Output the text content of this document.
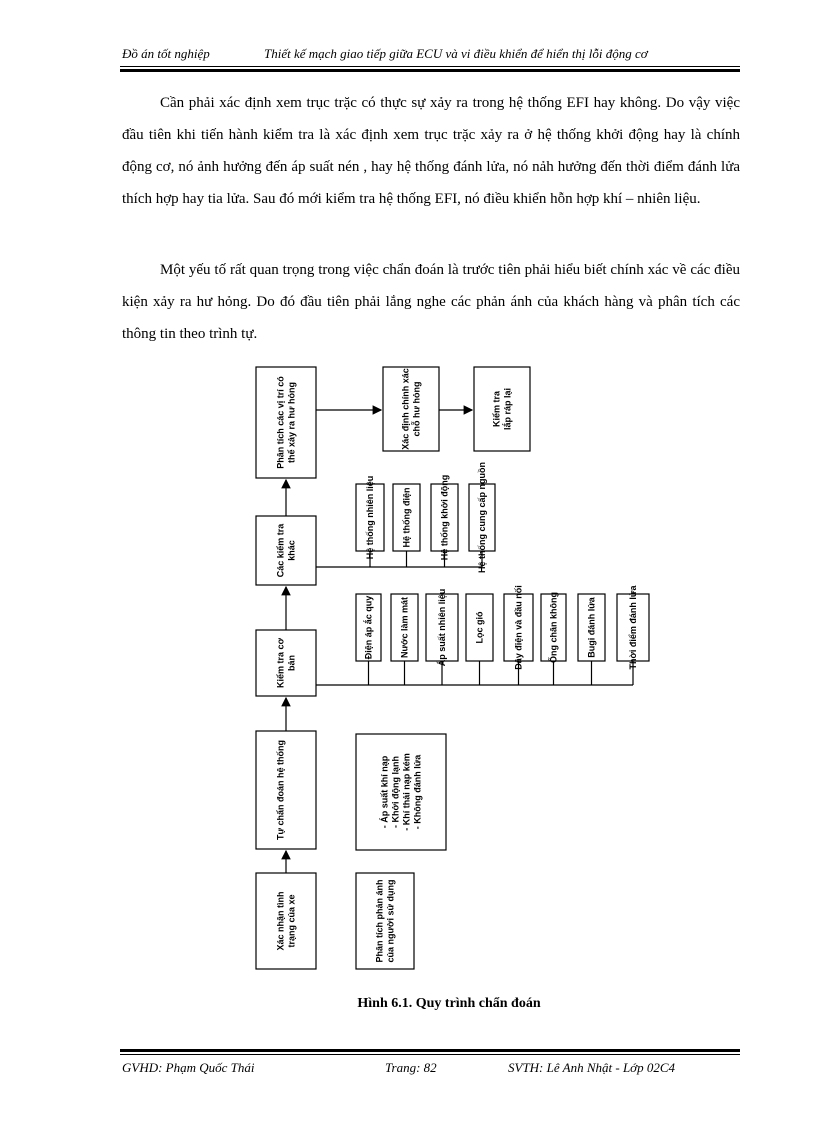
Đồ án tốt nghiệp	Thiết kế mạch giao tiếp giữa ECU và vi điều khiển để hiển thị lỗi động cơ
Cần phải xác định xem trục trặc có thực sự xảy ra trong hệ thống EFI hay không. Do vậy việc đầu tiên khi tiến hành kiểm tra là xác định xem trục trặc xảy ra ở hệ thống khởi động hay là chính động cơ, nó ảnh hưởng đến áp suất nén , hay hệ thống đánh lửa, nó nảh hưởng đến thời điểm đánh lửa thích hợp hay tia lửa. Sau đó mới kiểm tra hệ thống EFI, nó điều khiển hỗn hợp khí – nhiên liệu.
Một yếu tố rất quan trọng trong việc chẩn đoán là trước tiên phải hiểu biết chính xác về các điều kiện xảy ra hư hỏng. Do đó đầu tiên phải lắng nghe các phản ánh của khách hàng và phân tích các thông tin theo trình tự.
Xác nhận tìnhtrạng của xe
Tự chẩn đoán hệ thống
Kiểm tra cơbản
Các kiểm trakhác
Phân tích các vị trí cóthể xảy ra hư hỏng
Phân tích phản ánhcủa người sử dụng
- Áp suất khí nạp- Khởi động lạnh- Khí thải nạp kém- Không đánh lửa
Điện áp ắc quy	Nước làm mát	Áp suất nhiên liệu	Lọc gió	Dây điện và đầu nối	Ống chân không	Bugi đánh lửa	Thời điểm đánh lửa
Hệ thống nhiên liệu	Hệ thống điện	Hệ thống khởi động	Hệ thống cung cấp nguồn
Xác định chính xácchỗ hư hỏng	Kiểm tralắp ráp lại
Hình 6.1. Quy trình chẩn đoán
GVHD: Phạm Quốc Thái	Trang: 82	SVTH: Lê Anh Nhật - Lớp 02C4
